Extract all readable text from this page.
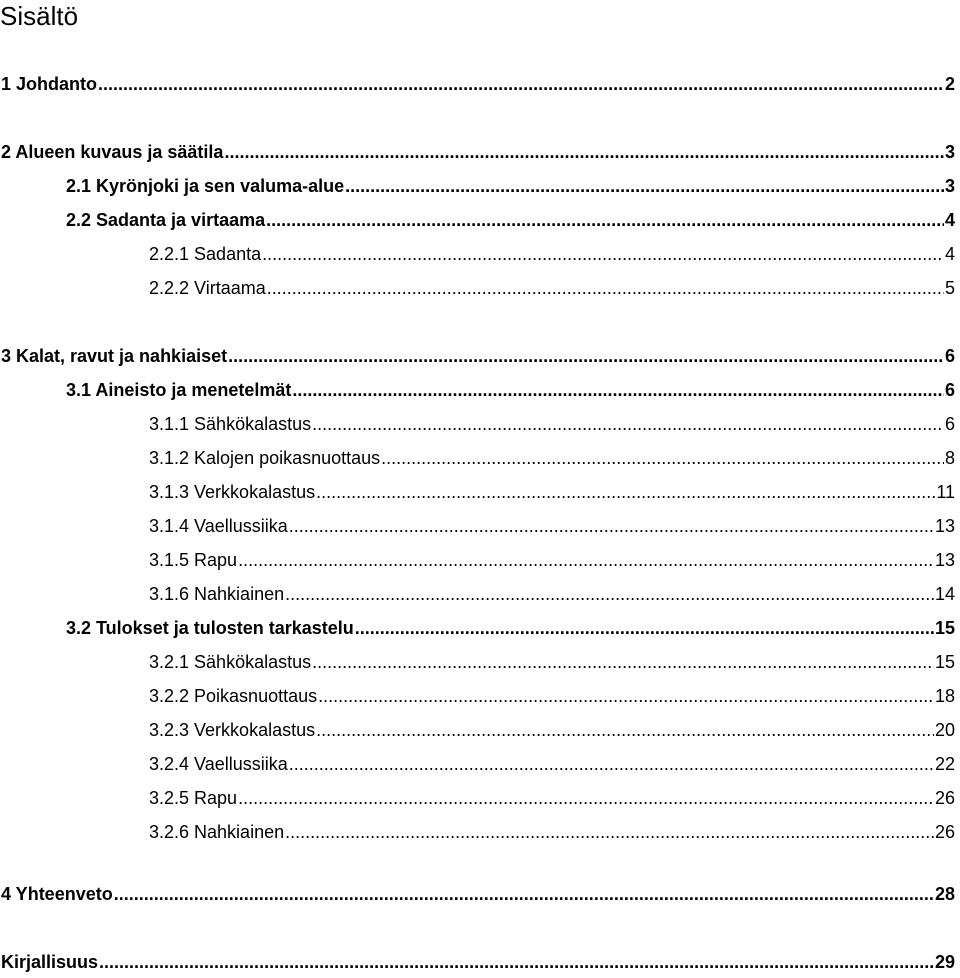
Sisältö
1 Johdanto .....	2
2 Alueen kuvaus ja säätila .....	3
2.1 Kyrönjoki ja sen valuma-alue .....	3
2.2 Sadanta ja virtaama .....	4
2.2.1 Sadanta .....	4
2.2.2 Virtaama .....	5
3 Kalat, ravut ja nahkiaiset .....	6
3.1 Aineisto ja menetelmät .....	6
3.1.1 Sähkökalastus .....	6
3.1.2 Kalojen poikasnuottaus .....	8
3.1.3 Verkkokalastus .....	11
3.1.4 Vaellussiika .....	13
3.1.5 Rapu .....	13
3.1.6 Nahkiainen .....	14
3.2 Tulokset ja tulosten tarkastelu .....	15
3.2.1 Sähkökalastus .....	15
3.2.2 Poikasnuottaus .....	18
3.2.3 Verkkokalastus .....	20
3.2.4 Vaellussiika .....	22
3.2.5 Rapu .....	26
3.2.6 Nahkiainen .....	26
4 Yhteenveto .....	28
Kirjallisuus .....	29
